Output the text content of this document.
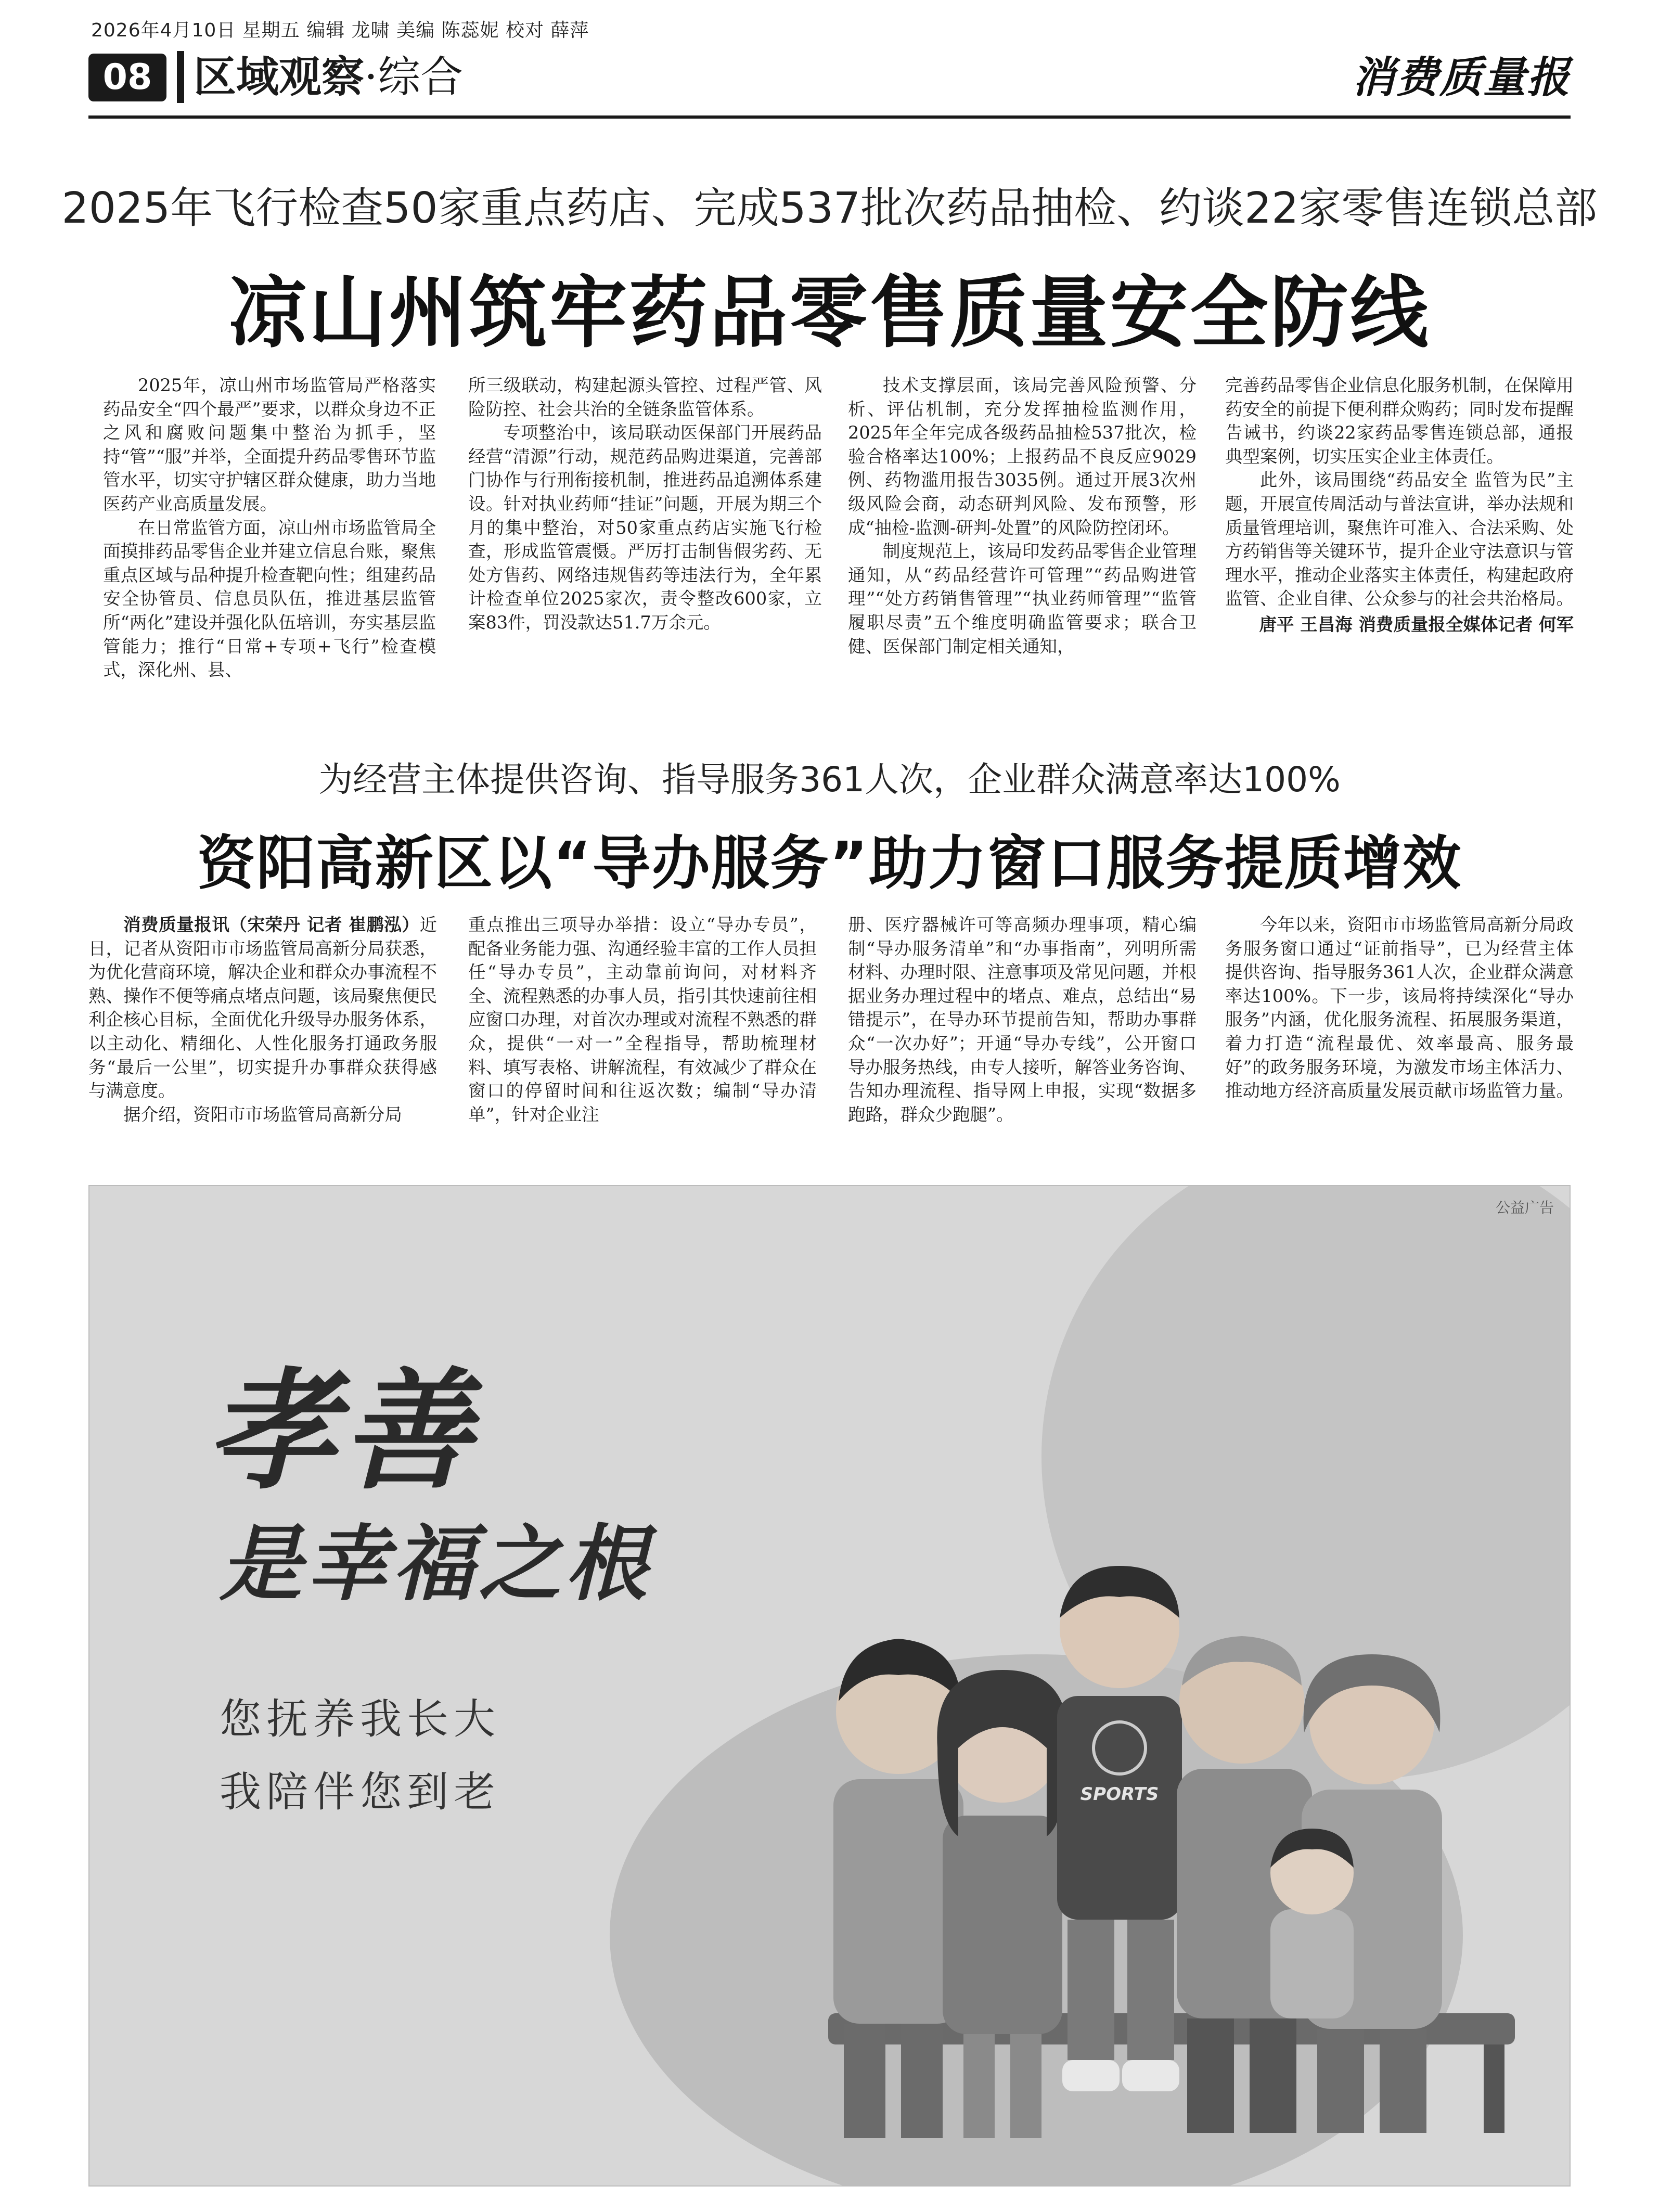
2026年4月10日 星期五 编辑 龙啸 美编 陈蕊妮 校对 薛萍
08 区域观察·综合	消费质量报
2025年飞行检查50家重点药店、完成537批次药品抽检、约谈22家零售连锁总部
凉山州筑牢药品零售质量安全防线

2025年，凉山州市场监管局严格落实药品安全“四个最严”要求，以群众身边不正之风和腐败问题集中整治为抓手，坚持“管”“服”并举，全面提升药品零售环节监管水平，切实守护辖区群众健康，助力当地医药产业高质量发展。

在日常监管方面，凉山州市场监管局全面摸排药品零售企业并建立信息台账，聚焦重点区域与品种提升检查靶向性；组建药品安全协管员、信息员队伍，推进基层监管所“两化”建设并强化队伍培训，夯实基层监管能力；推行“日常+专项+飞行”检查模式，深化州、县、

所三级联动，构建起源头管控、过程严管、风险防控、社会共治的全链条监管体系。

专项整治中，该局联动医保部门开展药品经营“清源”行动，规范药品购进渠道，完善部门协作与行刑衔接机制，推进药品追溯体系建设。针对执业药师“挂证”问题，开展为期三个月的集中整治，对50家重点药店实施飞行检查，形成监管震慑。严厉打击制售假劣药、无处方售药、网络违规售药等违法行为，全年累计检查单位2025家次，责令整改600家，立案83件，罚没款达51.7万余元。

技术支撑层面，该局完善风险预警、分析、评估机制，充分发挥抽检监测作用，2025年全年完成各级药品抽检537批次，检验合格率达100%；上报药品不良反应9029例、药物滥用报告3035例。通过开展3次州级风险会商，动态研判风险、发布预警，形成“抽检-监测-研判-处置”的风险防控闭环。

制度规范上，该局印发药品零售企业管理通知，从“药品经营许可管理”“药品购进管理”“处方药销售管理”“执业药师管理”“监管履职尽责”五个维度明确监管要求；联合卫健、医保部门制定相关通知，

完善药品零售企业信息化服务机制，在保障用药安全的前提下便利群众购药；同时发布提醒告诫书，约谈22家药品零售连锁总部，通报典型案例，切实压实企业主体责任。

此外，该局围绕“药品安全 监管为民”主题，开展宣传周活动与普法宣讲，举办法规和质量管理培训，聚焦许可准入、合法采购、处方药销售等关键环节，提升企业守法意识与管理水平，推动企业落实主体责任，构建起政府监管、企业自律、公众参与的社会共治格局。

唐平 王昌海 消费质量报全媒体记者 何军

为经营主体提供咨询、指导服务361人次，企业群众满意率达100%
资阳高新区以“导办服务”助力窗口服务提质增效

消费质量报讯（宋荣丹 记者 崔鹏泓）近日，记者从资阳市市场监管局高新分局获悉，为优化营商环境，解决企业和群众办事流程不熟、操作不便等痛点堵点问题，该局聚焦便民利企核心目标，全面优化升级导办服务体系，以主动化、精细化、人性化服务打通政务服务“最后一公里”，切实提升办事群众获得感与满意度。

据介绍，资阳市市场监管局高新分局

重点推出三项导办举措：设立“导办专员”，配备业务能力强、沟通经验丰富的工作人员担任“导办专员”，主动靠前询问，对材料齐全、流程熟悉的办事人员，指引其快速前往相应窗口办理，对首次办理或对流程不熟悉的群众，提供“一对一”全程指导，帮助梳理材料、填写表格、讲解流程，有效减少了群众在窗口的停留时间和往返次数；编制“导办清单”，针对企业注

册、医疗器械许可等高频办理事项，精心编制“导办服务清单”和“办事指南”，列明所需材料、办理时限、注意事项及常见问题，并根据业务办理过程中的堵点、难点，总结出“易错提示”，在导办环节提前告知，帮助办事群众“一次办好”；开通“导办专线”，公开窗口导办服务热线，由专人接听，解答业务咨询、告知办理流程、指导网上申报，实现“数据多跑路，群众少跑腿”。

今年以来，资阳市市场监管局高新分局政务服务窗口通过“证前指导”，已为经营主体提供咨询、指导服务361人次，企业群众满意率达100%。下一步，该局将持续深化“导办服务”内涵，优化服务流程、拓展服务渠道，着力打造“流程最优、效率最高、服务最好”的政务服务环境，为激发市场主体活力、推动地方经济高质量发展贡献市场监管力量。

SPORTS
公益广告
孝善
是幸福之根
您抚养我长大
我陪伴您到老
